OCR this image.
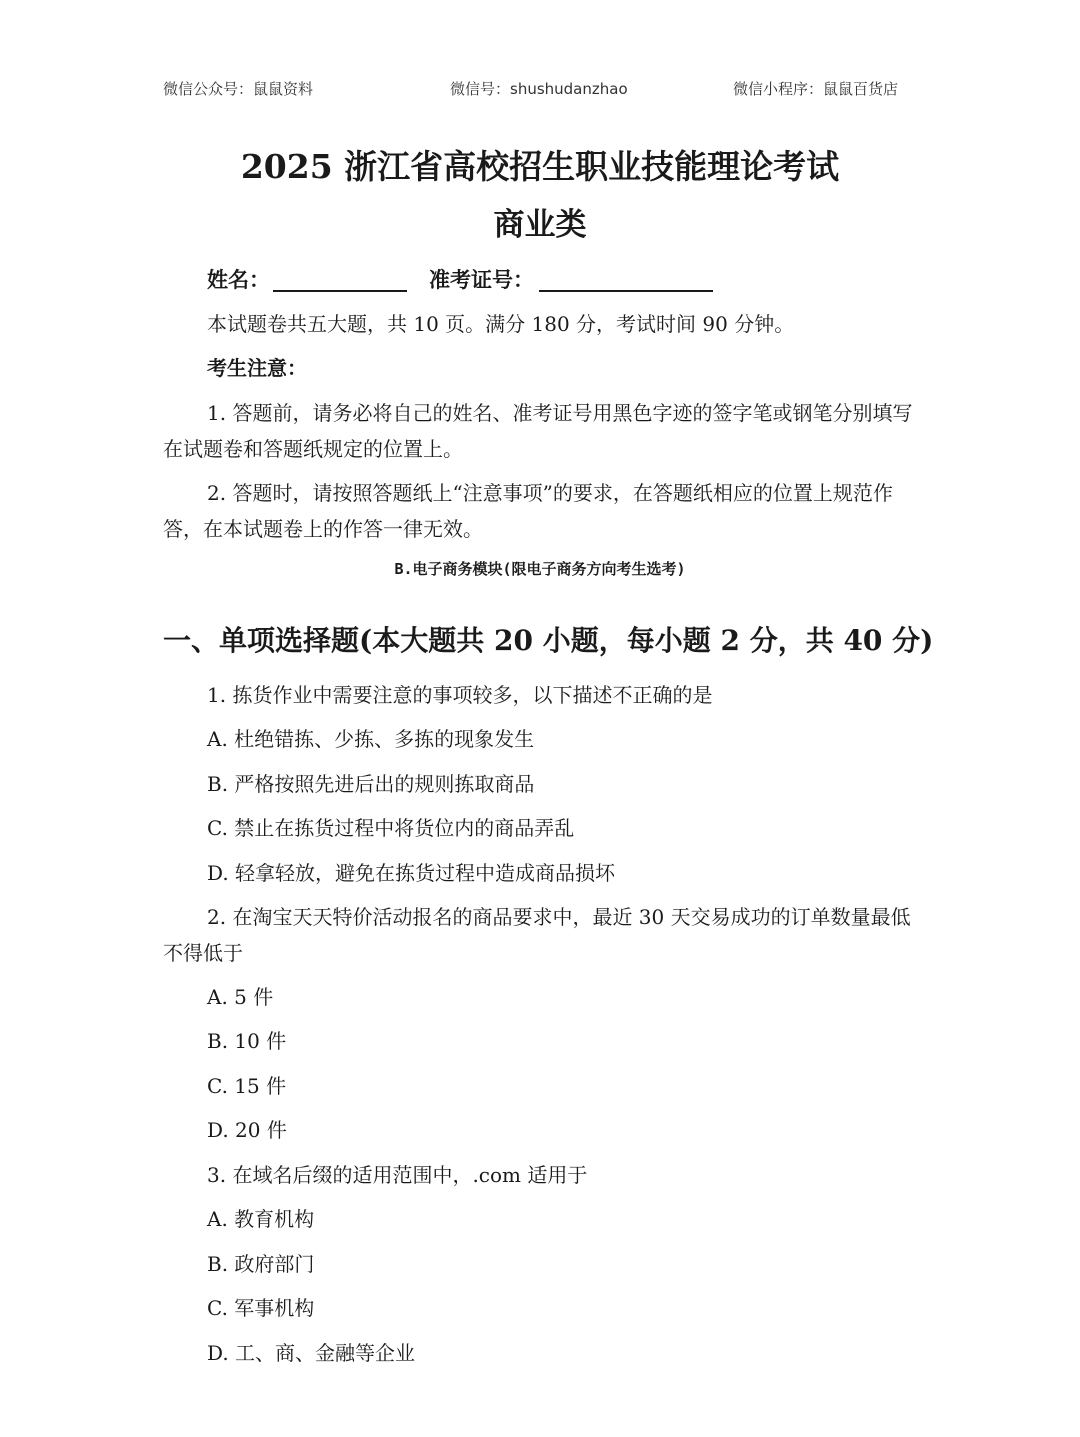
微信公众号：鼠鼠资料	微信号：shushudanzhao	微信小程序：鼠鼠百货店
2025 浙江省高校招生职业技能理论考试
商业类
姓名：	准考证号：

本试题卷共五大题，共 10 页。满分 180 分，考试时间 90 分钟。

考生注意：

1. 答题前，请务必将自己的姓名、准考证号用黑色字迹的签字笔或钢笔分别填写在试题卷和答题纸规定的位置上。

2. 答题时，请按照答题纸上“注意事项”的要求，在答题纸相应的位置上规范作答，在本试题卷上的作答一律无效。

B.电子商务模块(限电子商务方向考生选考)
一、单项选择题(本大题共 20 小题，每小题 2 分，共 40 分)
1. 拣货作业中需要注意的事项较多，以下描述不正确的是
A. 杜绝错拣、少拣、多拣的现象发生
B. 严格按照先进后出的规则拣取商品
C. 禁止在拣货过程中将货位内的商品弄乱
D. 轻拿轻放，避免在拣货过程中造成商品损坏
2. 在淘宝天天特价活动报名的商品要求中，最近 30 天交易成功的订单数量最低不得低于
A. 5 件
B. 10 件
C. 15 件
D. 20 件
3. 在域名后缀的适用范围中，.com 适用于
A. 教育机构
B. 政府部门
C. 军事机构
D. 工、商、金融等企业
